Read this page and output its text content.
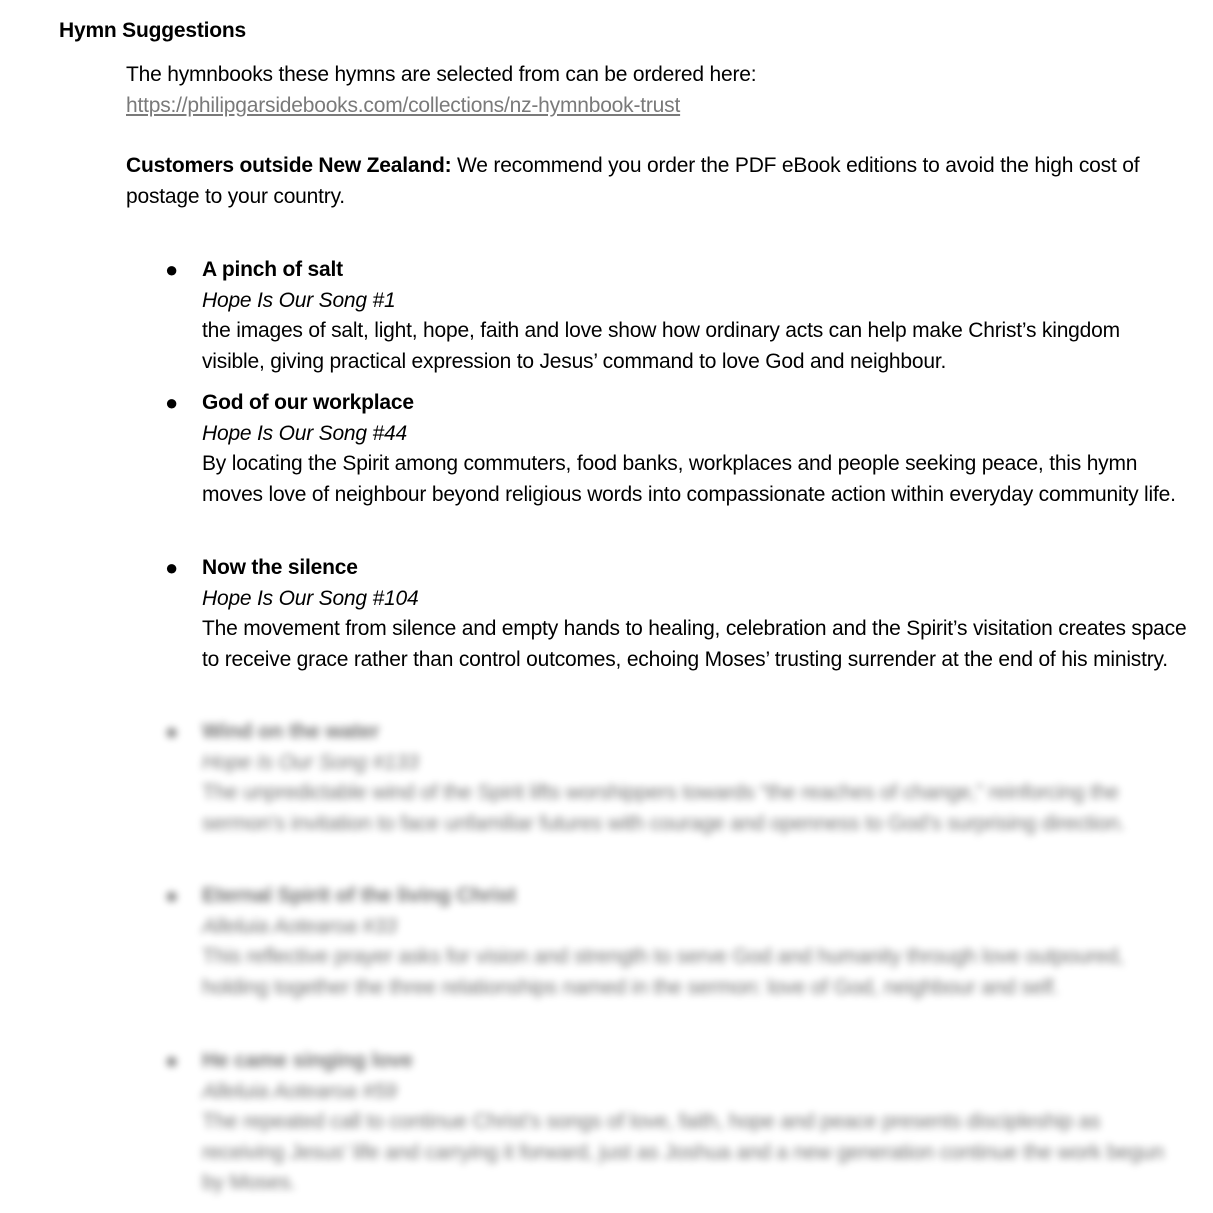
Hymn Suggestions
The hymnbooks these hymns are selected from can be ordered here:
https://philipgarsidebooks.com/collections/nz-hymnbook-trust
Customers outside New Zealand: We recommend you order the PDF eBook editions to avoid the high cost of postage to your country.
● A pinch of salt
Hope Is Our Song #1
the images of salt, light, hope, faith and love show how ordinary acts can help make Christ’s kingdom visible, giving practical expression to Jesus’ command to love God and neighbour.
● God of our workplace
Hope Is Our Song #44
By locating the Spirit among commuters, food banks, workplaces and people seeking peace, this hymn moves love of neighbour beyond religious words into compassionate action within everyday community life.
● Now the silence
Hope Is Our Song #104
The movement from silence and empty hands to healing, celebration and the Spirit’s visitation creates space to receive grace rather than control outcomes, echoing Moses’ trusting surrender at the end of his ministry.
● Wind on the water
Hope Is Our Song #133
The unpredictable wind of the Spirit lifts worshippers towards “the reaches of change,” reinforcing the sermon’s invitation to face unfamiliar futures with courage and openness to God’s surprising direction.
● Eternal Spirit of the living Christ
Alleluia Aotearoa #33
This reflective prayer asks for vision and strength to serve God and humanity through love outpoured, holding together the three relationships named in the sermon: love of God, neighbour and self.
● He came singing love
Alleluia Aotearoa #59
The repeated call to continue Christ’s songs of love, faith, hope and peace presents discipleship as receiving Jesus’ life and carrying it forward, just as Joshua and a new generation continue the work begun by Moses.
